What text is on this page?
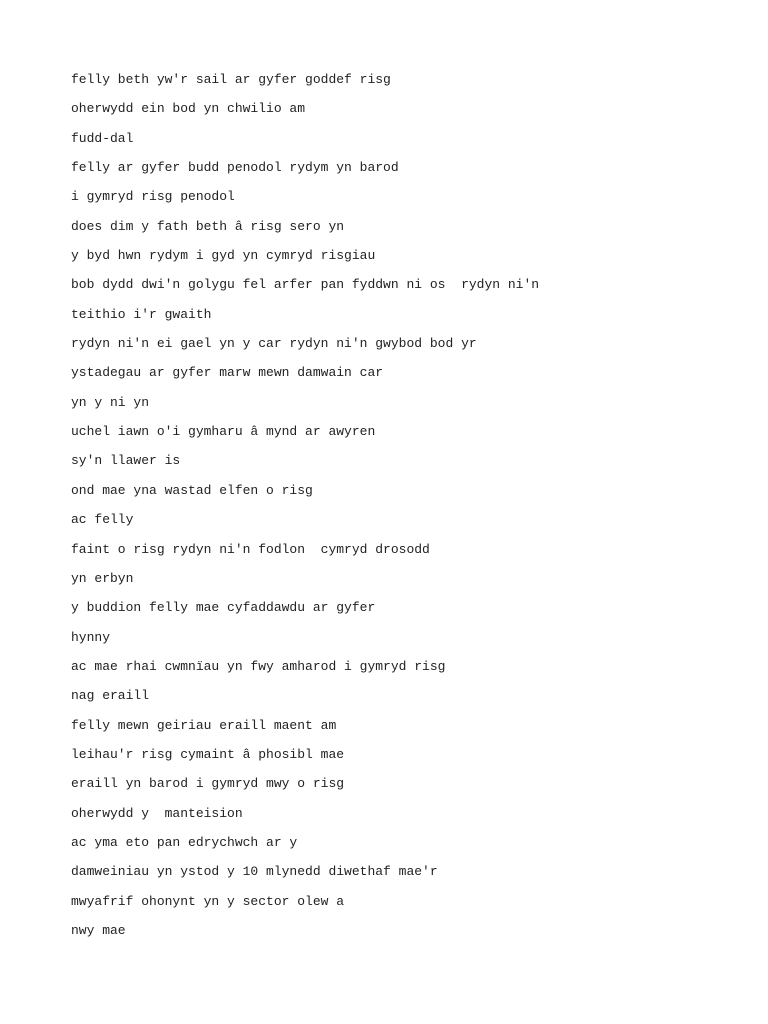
felly beth yw'r sail ar gyfer goddef risg
oherwydd ein bod yn chwilio am
fudd-dal
felly ar gyfer budd penodol rydym yn barod
i gymryd risg penodol
does dim y fath beth â risg sero yn
y byd hwn rydym i gyd yn cymryd risgiau
bob dydd dwi'n golygu fel arfer pan fyddwn ni os  rydyn ni'n
teithio i'r gwaith
rydyn ni'n ei gael yn y car rydyn ni'n gwybod bod yr
ystadegau ar gyfer marw mewn damwain car
yn y ni yn
uchel iawn o'i gymharu â mynd ar awyren
sy'n llawer is
ond mae yna wastad elfen o risg
ac felly
faint o risg rydyn ni'n fodlon  cymryd drosodd
yn erbyn
y buddion felly mae cyfaddawdu ar gyfer
hynny
ac mae rhai cwmnïau yn fwy amharod i gymryd risg
nag eraill
felly mewn geiriau eraill maent am
leihau'r risg cymaint â phosibl mae
eraill yn barod i gymryd mwy o risg
oherwydd y  manteision
ac yma eto pan edrychwch ar y
damweiniau yn ystod y 10 mlynedd diwethaf mae'r
mwyafrif ohonynt yn y sector olew a
nwy mae
